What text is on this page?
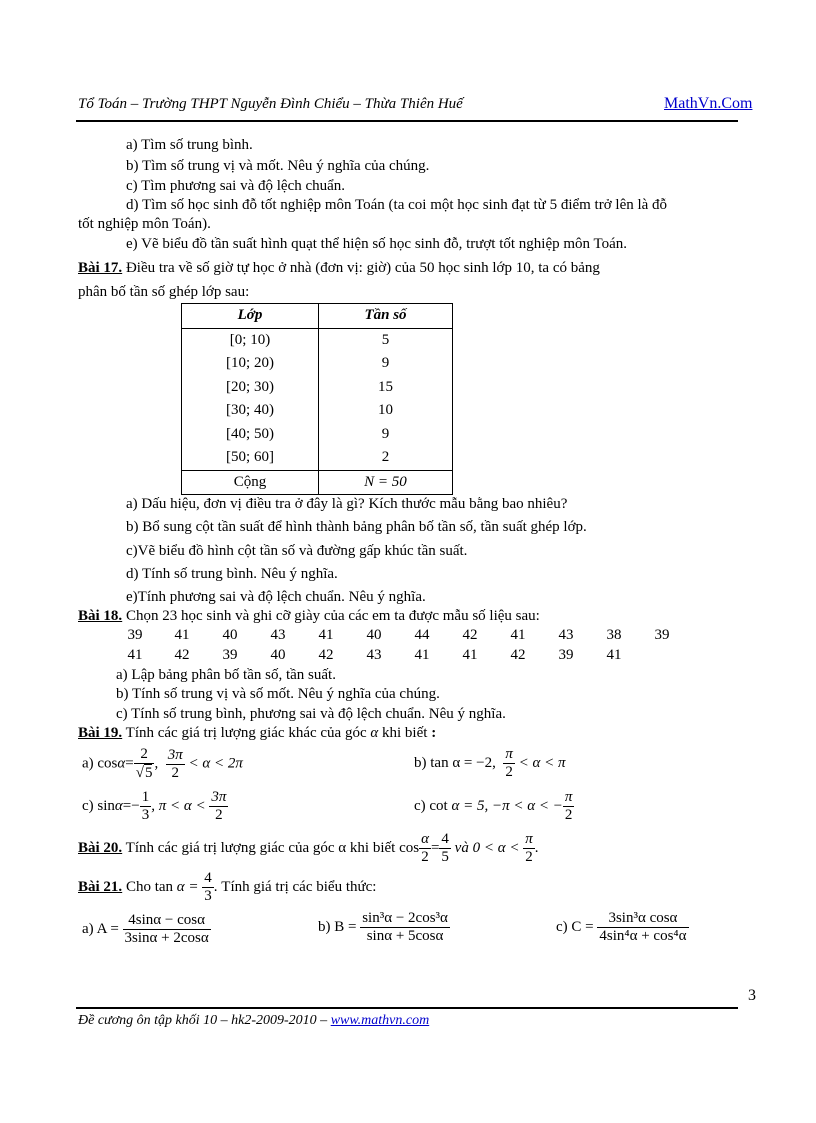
Tổ Toán – Trường THPT Nguyễn Đình Chiểu – Thừa Thiên Huế	MathVn.Com
a) Tìm số trung bình.
b) Tìm số trung vị và mốt. Nêu ý nghĩa của chúng.
c) Tìm phương sai và độ lệch chuẩn.
d) Tìm số học sinh đỗ tốt nghiệp môn Toán (ta coi một học sinh đạt từ 5 điểm trở lên là đỗ
tốt nghiệp môn Toán).
e) Vẽ biểu đồ tần suất hình quạt thể hiện số học sinh đỗ, trượt tốt nghiệp môn Toán.
Bài 17. Điều tra về số giờ tự học ở nhà (đơn vị: giờ) của 50 học sinh lớp 10, ta có bảng
phân bố tần số ghép lớp sau:
Lớp	Tần số
[0; 10)	5
[10; 20)	9
[20; 30)	15
[30; 40)	10
[40; 50)	9
[50; 60]	2
Cộng	N = 50
a) Dấu hiệu, đơn vị điều tra ở đây là gì? Kích thước mẫu bằng bao nhiêu?
b) Bổ sung cột tần suất để hình thành bảng phân bố tần số, tần suất ghép lớp.
c)Vẽ biểu đồ hình cột tần số và đường gấp khúc tần suất.
d) Tính số trung bình. Nêu ý nghĩa.
e)Tính phương sai và độ lệch chuẩn. Nêu ý nghĩa.
Bài 18. Chọn 23 học sinh và ghi cỡ giày của các em ta được mẫu số liệu sau:
39	41	40	43	41	40	44	42	41	43	38	39
41	42	39	40	42	43	41	41	42	39	41
a) Lập bảng phân bố tần số, tần suất.
b) Tính số trung vị và số mốt. Nêu ý nghĩa của chúng.
c) Tính số trung bình, phương sai và độ lệch chuẩn. Nêu ý nghĩa.
Bài 19. Tính các giá trị lượng giác khác của góc α khi biết :
a) $\cos\alpha= \frac{2}{√5}$ , $\frac{3\pi}{2} < \alpha < 2\pi$	b) tan α = −2, $\frac{\pi}{2} < \alpha < \pi$
c) $\sin\alpha=- \frac{1}{3}$ , $\pi < \alpha < \frac{3\pi}{2}$	c) cot α = 5, −π < α < − $\frac{\pi}{2}$
Bài 20. Tính các giá trị lượng giác của góc α khi biết $\cos \frac{\alpha}{2} = \frac{4}{5}$ và $0 < \alpha < \frac{\pi}{2}$ .
Bài 21. Cho $\tan \alpha = \frac{4}{3}$ . Tính giá trị các biểu thức:
a) $A = \frac{4\sin\alpha - \cos\alpha}{3\sin\alpha + 2\cos\alpha}$	b) $B = \frac{\text{sin³α − 2cos³α}}{\sin\alpha + 5\cos\alpha}$	c) $C = \frac{\text{3sin³α cosα}}{\text{4sin⁴α + cos⁴α}}$
3
Đề cương ôn tập khối 10 – hk2-2009-2010 – www.mathvn.com
